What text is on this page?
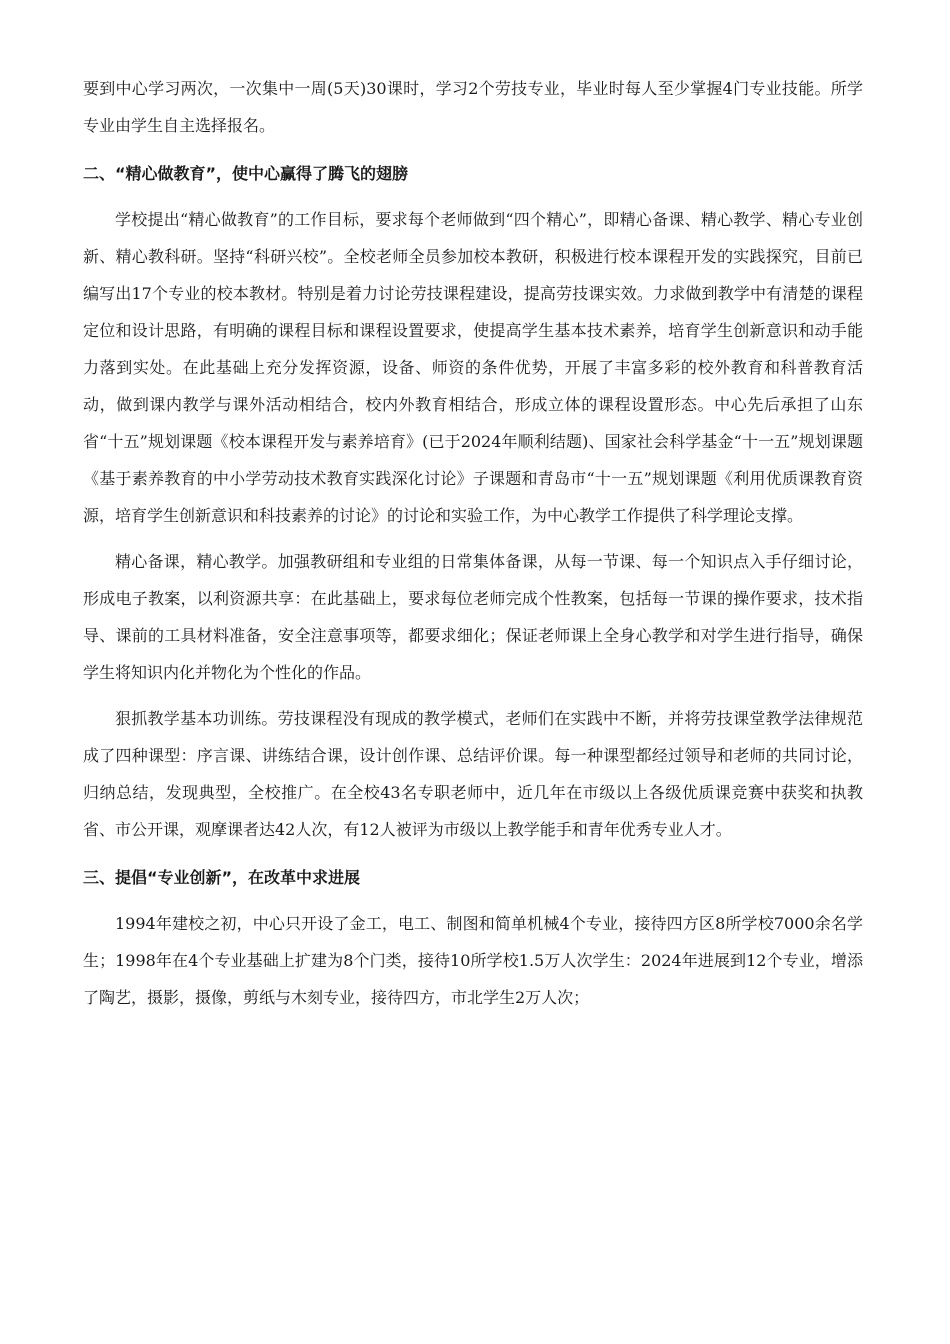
要到中心学习两次，一次集中一周(5天)30课时，学习2个劳技专业，毕业时每人至少掌握4门专业技能。所学专业由学生自主选择报名。

二、“精心做教育”，使中心赢得了腾飞的翅膀

学校提出“精心做教育”的工作目标，要求每个老师做到“四个精心”，即精心备课、精心教学、精心专业创新、精心教科研。坚持“科研兴校”。全校老师全员参加校本教研，积极进行校本课程开发的实践探究，目前已编写出17个专业的校本教材。特别是着力讨论劳技课程建设，提高劳技课实效。力求做到教学中有清楚的课程定位和设计思路，有明确的课程目标和课程设置要求，使提高学生基本技术素养，培育学生创新意识和动手能力落到实处。在此基础上充分发挥资源，设备、师资的条件优势，开展了丰富多彩的校外教育和科普教育活动，做到课内教学与课外活动相结合，校内外教育相结合，形成立体的课程设置形态。中心先后承担了山东省“十五”规划课题《校本课程开发与素养培育》(已于2024年顺利结题)、国家社会科学基金“十一五”规划课题《基于素养教育的中小学劳动技术教育实践深化讨论》子课题和青岛市“十一五”规划课题《利用优质课教育资源，培育学生创新意识和科技素养的讨论》的讨论和实验工作，为中心教学工作提供了科学理论支撑。

精心备课，精心教学。加强教研组和专业组的日常集体备课，从每一节课、每一个知识点入手仔细讨论，形成电子教案，以利资源共享：在此基础上，要求每位老师完成个性教案，包括每一节课的操作要求，技术指导、课前的工具材料准备，安全注意事项等，都要求细化；保证老师课上全身心教学和对学生进行指导，确保学生将知识内化并物化为个性化的作品。

狠抓教学基本功训练。劳技课程没有现成的教学模式，老师们在实践中不断，并将劳技课堂教学法律规范成了四种课型：序言课、讲练结合课，设计创作课、总结评价课。每一种课型都经过领导和老师的共同讨论，归纳总结，发现典型，全校推广。在全校43名专职老师中，近几年在市级以上各级优质课竞赛中获奖和执教省、市公开课，观摩课者达42人次，有12人被评为市级以上教学能手和青年优秀专业人才。

三、提倡“专业创新”，在改革中求进展

1994年建校之初，中心只开设了金工，电工、制图和简单机械4个专业，接待四方区8所学校7000余名学生；1998年在4个专业基础上扩建为8个门类，接待10所学校1.5万人次学生：2024年进展到12个专业，增添了陶艺，摄影，摄像，剪纸与木刻专业，接待四方，市北学生2万人次；
